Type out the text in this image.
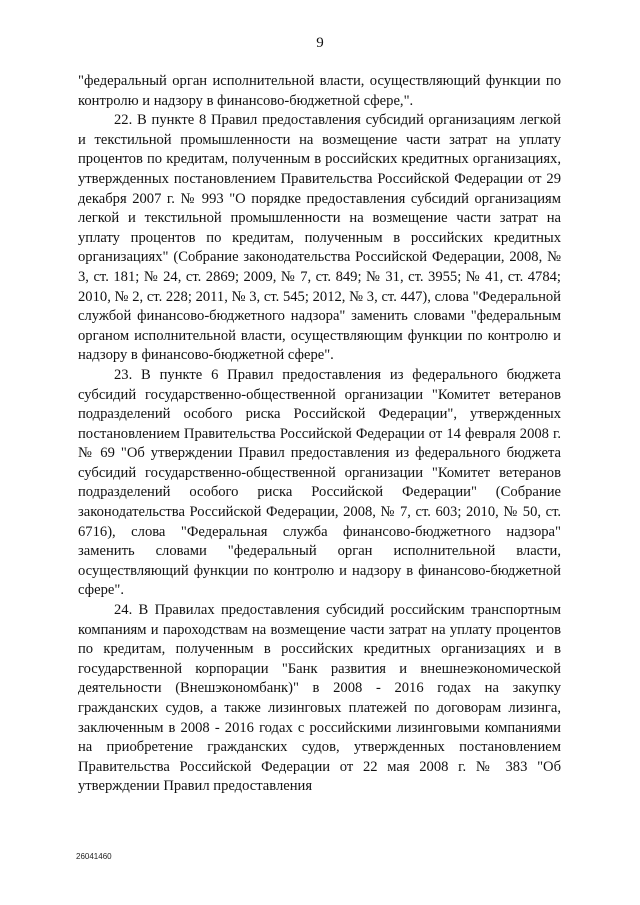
9

"федеральный орган исполнительной власти, осуществляющий функции по контролю и надзору в финансово-бюджетной сфере,".

22. В пункте 8 Правил предоставления субсидий организациям легкой и текстильной промышленности на возмещение части затрат на уплату процентов по кредитам, полученным в российских кредитных организациях, утвержденных постановлением Правительства Российской Федерации от 29 декабря 2007 г. № 993 "О порядке предоставления субсидий организациям легкой и текстильной промышленности на возмещение части затрат на уплату процентов по кредитам, полученным в российских кредитных организациях" (Собрание законодательства Российской Федерации, 2008, № 3, ст. 181; № 24, ст. 2869; 2009, № 7, ст. 849; № 31, ст. 3955; № 41, ст. 4784; 2010, № 2, ст. 228; 2011, № 3, ст. 545; 2012, № 3, ст. 447), слова "Федеральной службой финансово-бюджетного надзора" заменить словами "федеральным органом исполнительной власти, осуществляющим функции по контролю и надзору в финансово-бюджетной сфере".

23. В пункте 6 Правил предоставления из федерального бюджета субсидий государственно-общественной организации "Комитет ветеранов подразделений особого риска Российской Федерации", утвержденных постановлением Правительства Российской Федерации от 14 февраля 2008 г. № 69 "Об утверждении Правил предоставления из федерального бюджета субсидий государственно-общественной организации "Комитет ветеранов подразделений особого риска Российской Федерации" (Собрание законодательства Российской Федерации, 2008, № 7, ст. 603; 2010, № 50, ст. 6716), слова "Федеральная служба финансово-бюджетного надзора" заменить словами "федеральный орган исполнительной власти, осуществляющий функции по контролю и надзору в финансово-бюджетной сфере".

24. В Правилах предоставления субсидий российским транспортным компаниям и пароходствам на возмещение части затрат на уплату процентов по кредитам, полученным в российских кредитных организациях и в государственной корпорации "Банк развития и внешнеэкономической деятельности (Внешэкономбанк)" в 2008 - 2016 годах на закупку гражданских судов, а также лизинговых платежей по договорам лизинга, заключенным в 2008 - 2016 годах с российскими лизинговыми компаниями на приобретение гражданских судов, утвержденных постановлением Правительства Российской Федерации от 22 мая 2008 г. № 383 "Об утверждении Правил предоставления

26041460
